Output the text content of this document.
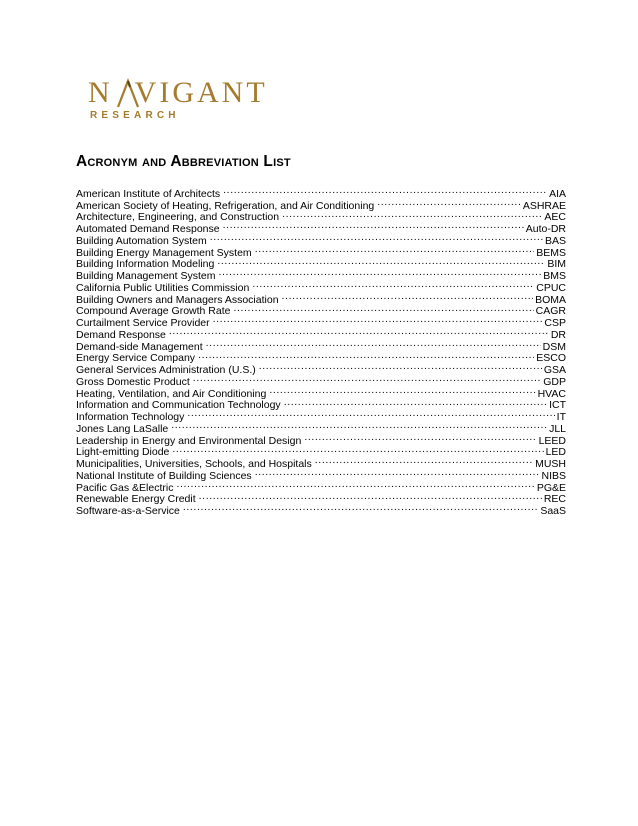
N VIGANT
RESEARCH
Acronym and Abbreviation List
American Institute of Architects .....	AIA
American Society of Heating, Refrigeration, and Air Conditioning .....	ASHRAE
Architecture, Engineering, and Construction .....	AEC
Automated Demand Response .....	Auto-DR
Building Automation System .....	BAS
Building Energy Management System .....	BEMS
Building Information Modeling .....	BIM
Building Management System .....	BMS
California Public Utilities Commission .....	CPUC
Building Owners and Managers Association .....	BOMA
Compound Average Growth Rate .....	CAGR
Curtailment Service Provider .....	CSP
Demand Response .....	DR
Demand-side Management .....	DSM
Energy Service Company .....	ESCO
General Services Administration (U.S.) .....	GSA
Gross Domestic Product .....	GDP
Heating, Ventilation, and Air Conditioning .....	HVAC
Information and Communication Technology .....	ICT
Information Technology .....	IT
Jones Lang LaSalle .....	JLL
Leadership in Energy and Environmental Design .....	LEED
Light-emitting Diode .....	LED
Municipalities, Universities, Schools, and Hospitals .....	MUSH
National Institute of Building Sciences .....	NIBS
Pacific Gas &Electric .....	PG&E
Renewable Energy Credit .....	REC
Software-as-a-Service .....	SaaS
